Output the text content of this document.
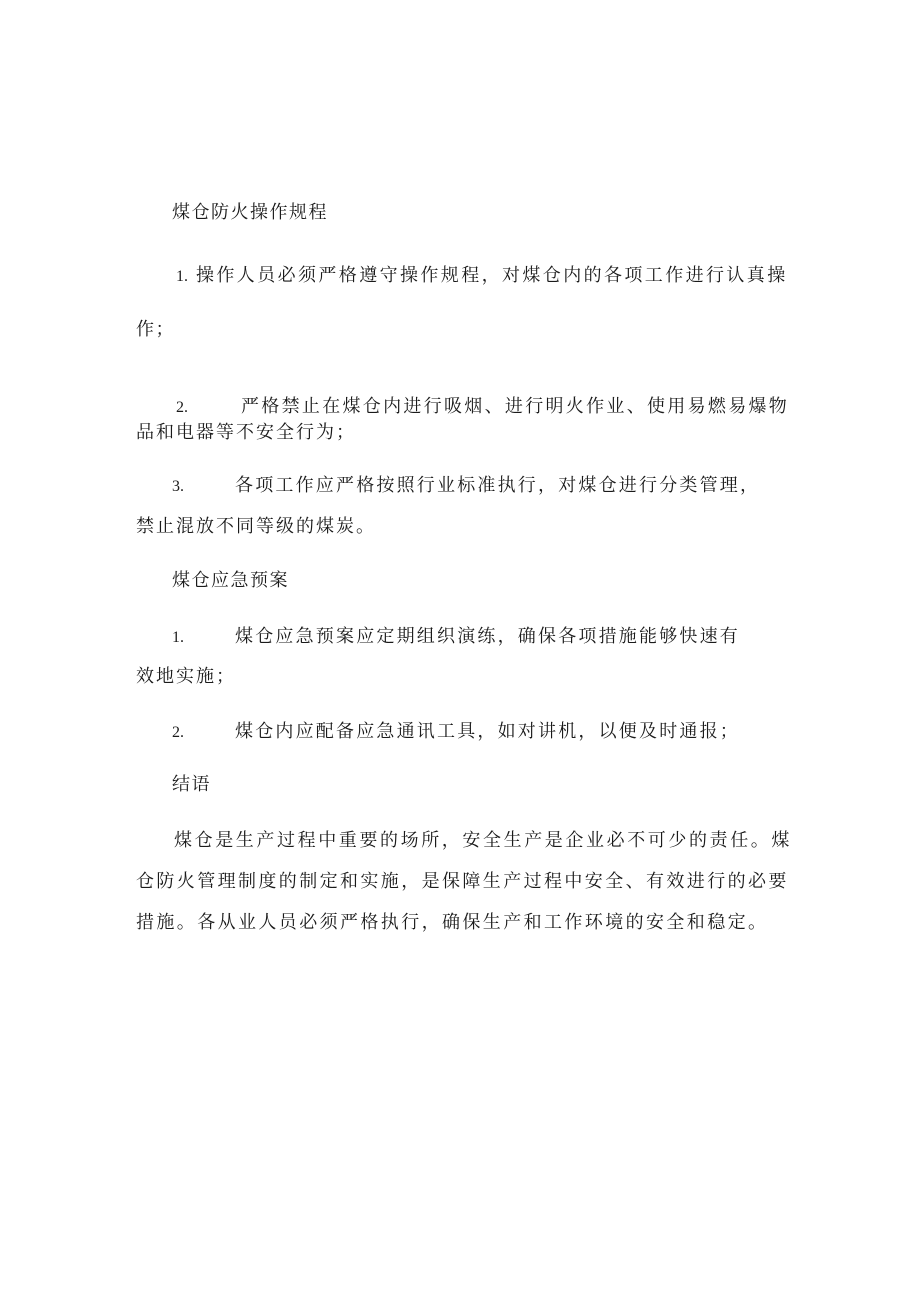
煤仓防火操作规程
1. 操作人员必须严格遵守操作规程，对煤仓内的各项工作进行认真操
作；
2.	严格禁止在煤仓内进行吸烟、进行明火作业、使用易燃易爆物
品和电器等不安全行为；
3.	各项工作应严格按照行业标准执行，对煤仓进行分类管理，
禁止混放不同等级的煤炭。
煤仓应急预案
1.	煤仓应急预案应定期组织演练，确保各项措施能够快速有
效地实施；
2.	煤仓内应配备应急通讯工具，如对讲机，以便及时通报；
结语
煤仓是生产过程中重要的场所，安全生产是企业必不可少的责任。煤
仓防火管理制度的制定和实施，是保障生产过程中安全、有效进行的必要
措施。各从业人员必须严格执行，确保生产和工作环境的安全和稳定。
